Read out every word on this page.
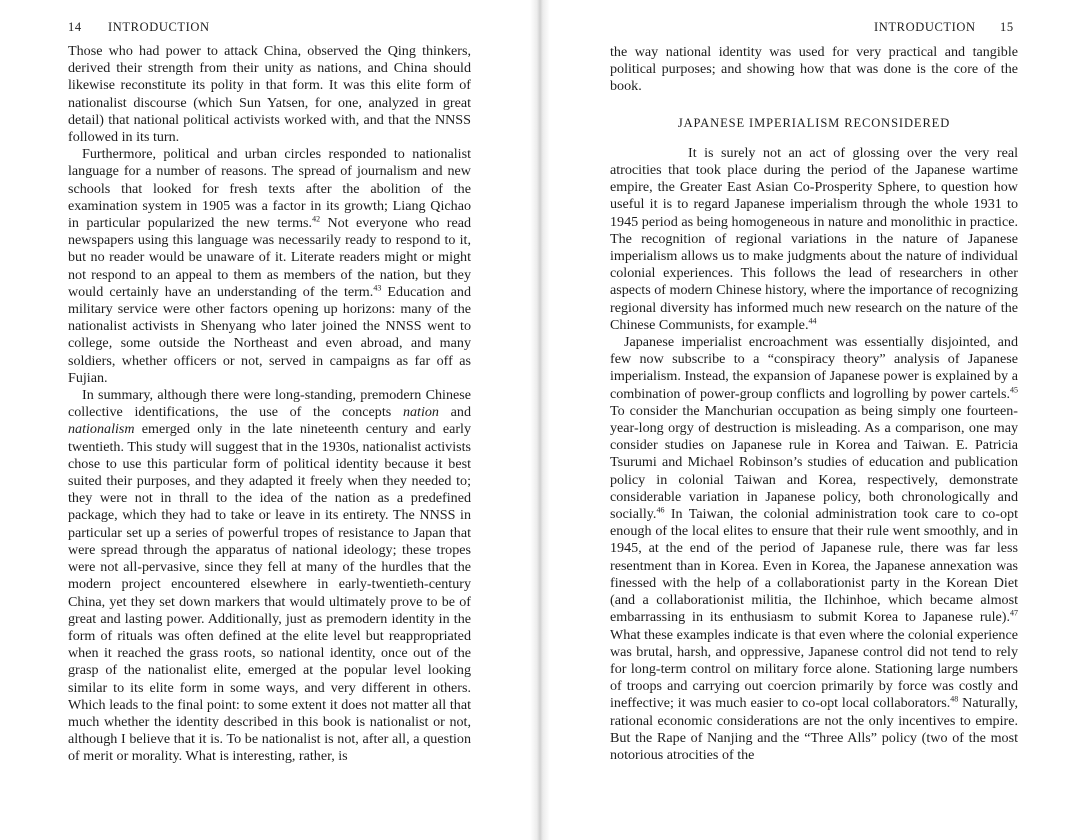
14 INTRODUCTION

Those who had power to attack China, observed the Qing thinkers, derived their strength from their unity as nations, and China should likewise reconstitute its polity in that form. It was this elite form of nationalist discourse (which Sun Yatsen, for one, analyzed in great detail) that national political activists worked with, and that the NNSS followed in its turn.

Furthermore, political and urban circles responded to nationalist language for a number of reasons. The spread of journalism and new schools that looked for fresh texts after the abolition of the examination system in 1905 was a factor in its growth; Liang Qichao in particular popularized the new terms.$^{42}$ Not everyone who read newspapers using this language was necessarily ready to respond to it, but no reader would be unaware of it. Literate readers might or might not respond to an appeal to them as members of the nation, but they would certainly have an understanding of the term.$^{43}$ Education and military service were other factors opening up horizons: many of the nationalist activists in Shenyang who later joined the NNSS went to college, some outside the Northeast and even abroad, and many soldiers, whether officers or not, served in campaigns as far off as Fujian.

In summary, although there were long-standing, premodern Chinese collective identifications, the use of the concepts nation and nationalism emerged only in the late nineteenth century and early twentieth. This study will suggest that in the 1930s, nationalist activists chose to use this particular form of political identity because it best suited their purposes, and they adapted it freely when they needed to; they were not in thrall to the idea of the nation as a predefined package, which they had to take or leave in its entirety. The NNSS in particular set up a series of powerful tropes of resistance to Japan that were spread through the apparatus of national ideology; these tropes were not all-pervasive, since they fell at many of the hurdles that the modern project encountered elsewhere in early-twentieth-century China, yet they set down markers that would ultimately prove to be of great and lasting power. Additionally, just as premodern identity in the form of rituals was often defined at the elite level but reappropriated when it reached the grass roots, so national identity, once out of the grasp of the nationalist elite, emerged at the popular level looking similar to its elite form in some ways, and very different in others. Which leads to the final point: to some extent it does not matter all that much whether the identity described in this book is nationalist or not, although I believe that it is. To be nationalist is not, after all, a question of merit or morality. What is interesting, rather, is

INTRODUCTION 15

the way national identity was used for very practical and tangible political purposes; and showing how that was done is the core of the book.

JAPANESE IMPERIALISM RECONSIDERED

It is surely not an act of glossing over the very real atrocities that took place during the period of the Japanese wartime empire, the Greater East Asian Co-Prosperity Sphere, to question how useful it is to regard Japanese imperialism through the whole 1931 to 1945 period as being homogeneous in nature and monolithic in practice. The recognition of regional variations in the nature of Japanese imperialism allows us to make judgments about the nature of individual colonial experiences. This follows the lead of researchers in other aspects of modern Chinese history, where the importance of recognizing regional diversity has informed much new research on the nature of the Chinese Communists, for example.$^{44}$

Japanese imperialist encroachment was essentially disjointed, and few now subscribe to a “conspiracy theory” analysis of Japanese imperialism. Instead, the expansion of Japanese power is explained by a combination of power-group conflicts and logrolling by power cartels.$^{45}$ To consider the Manchurian occupation as being simply one fourteen-year-long orgy of destruction is misleading. As a comparison, one may consider studies on Japanese rule in Korea and Taiwan. E. Patricia Tsurumi and Michael Robinson’s studies of education and publication policy in colonial Taiwan and Korea, respectively, demonstrate considerable variation in Japanese policy, both chronologically and socially.$^{46}$ In Taiwan, the colonial administration took care to co-opt enough of the local elites to ensure that their rule went smoothly, and in 1945, at the end of the period of Japanese rule, there was far less resentment than in Korea. Even in Korea, the Japanese annexation was finessed with the help of a collaborationist party in the Korean Diet (and a collaborationist militia, the Ilchinhoe, which became almost embarrassing in its enthusiasm to submit Korea to Japanese rule).$^{47}$ What these examples indicate is that even where the colonial experience was brutal, harsh, and oppressive, Japanese control did not tend to rely for long-term control on military force alone. Stationing large numbers of troops and carrying out coercion primarily by force was costly and ineffective; it was much easier to co-opt local collaborators.$^{48}$ Naturally, rational economic considerations are not the only incentives to empire. But the Rape of Nanjing and the “Three Alls” policy (two of the most notorious atrocities of the
